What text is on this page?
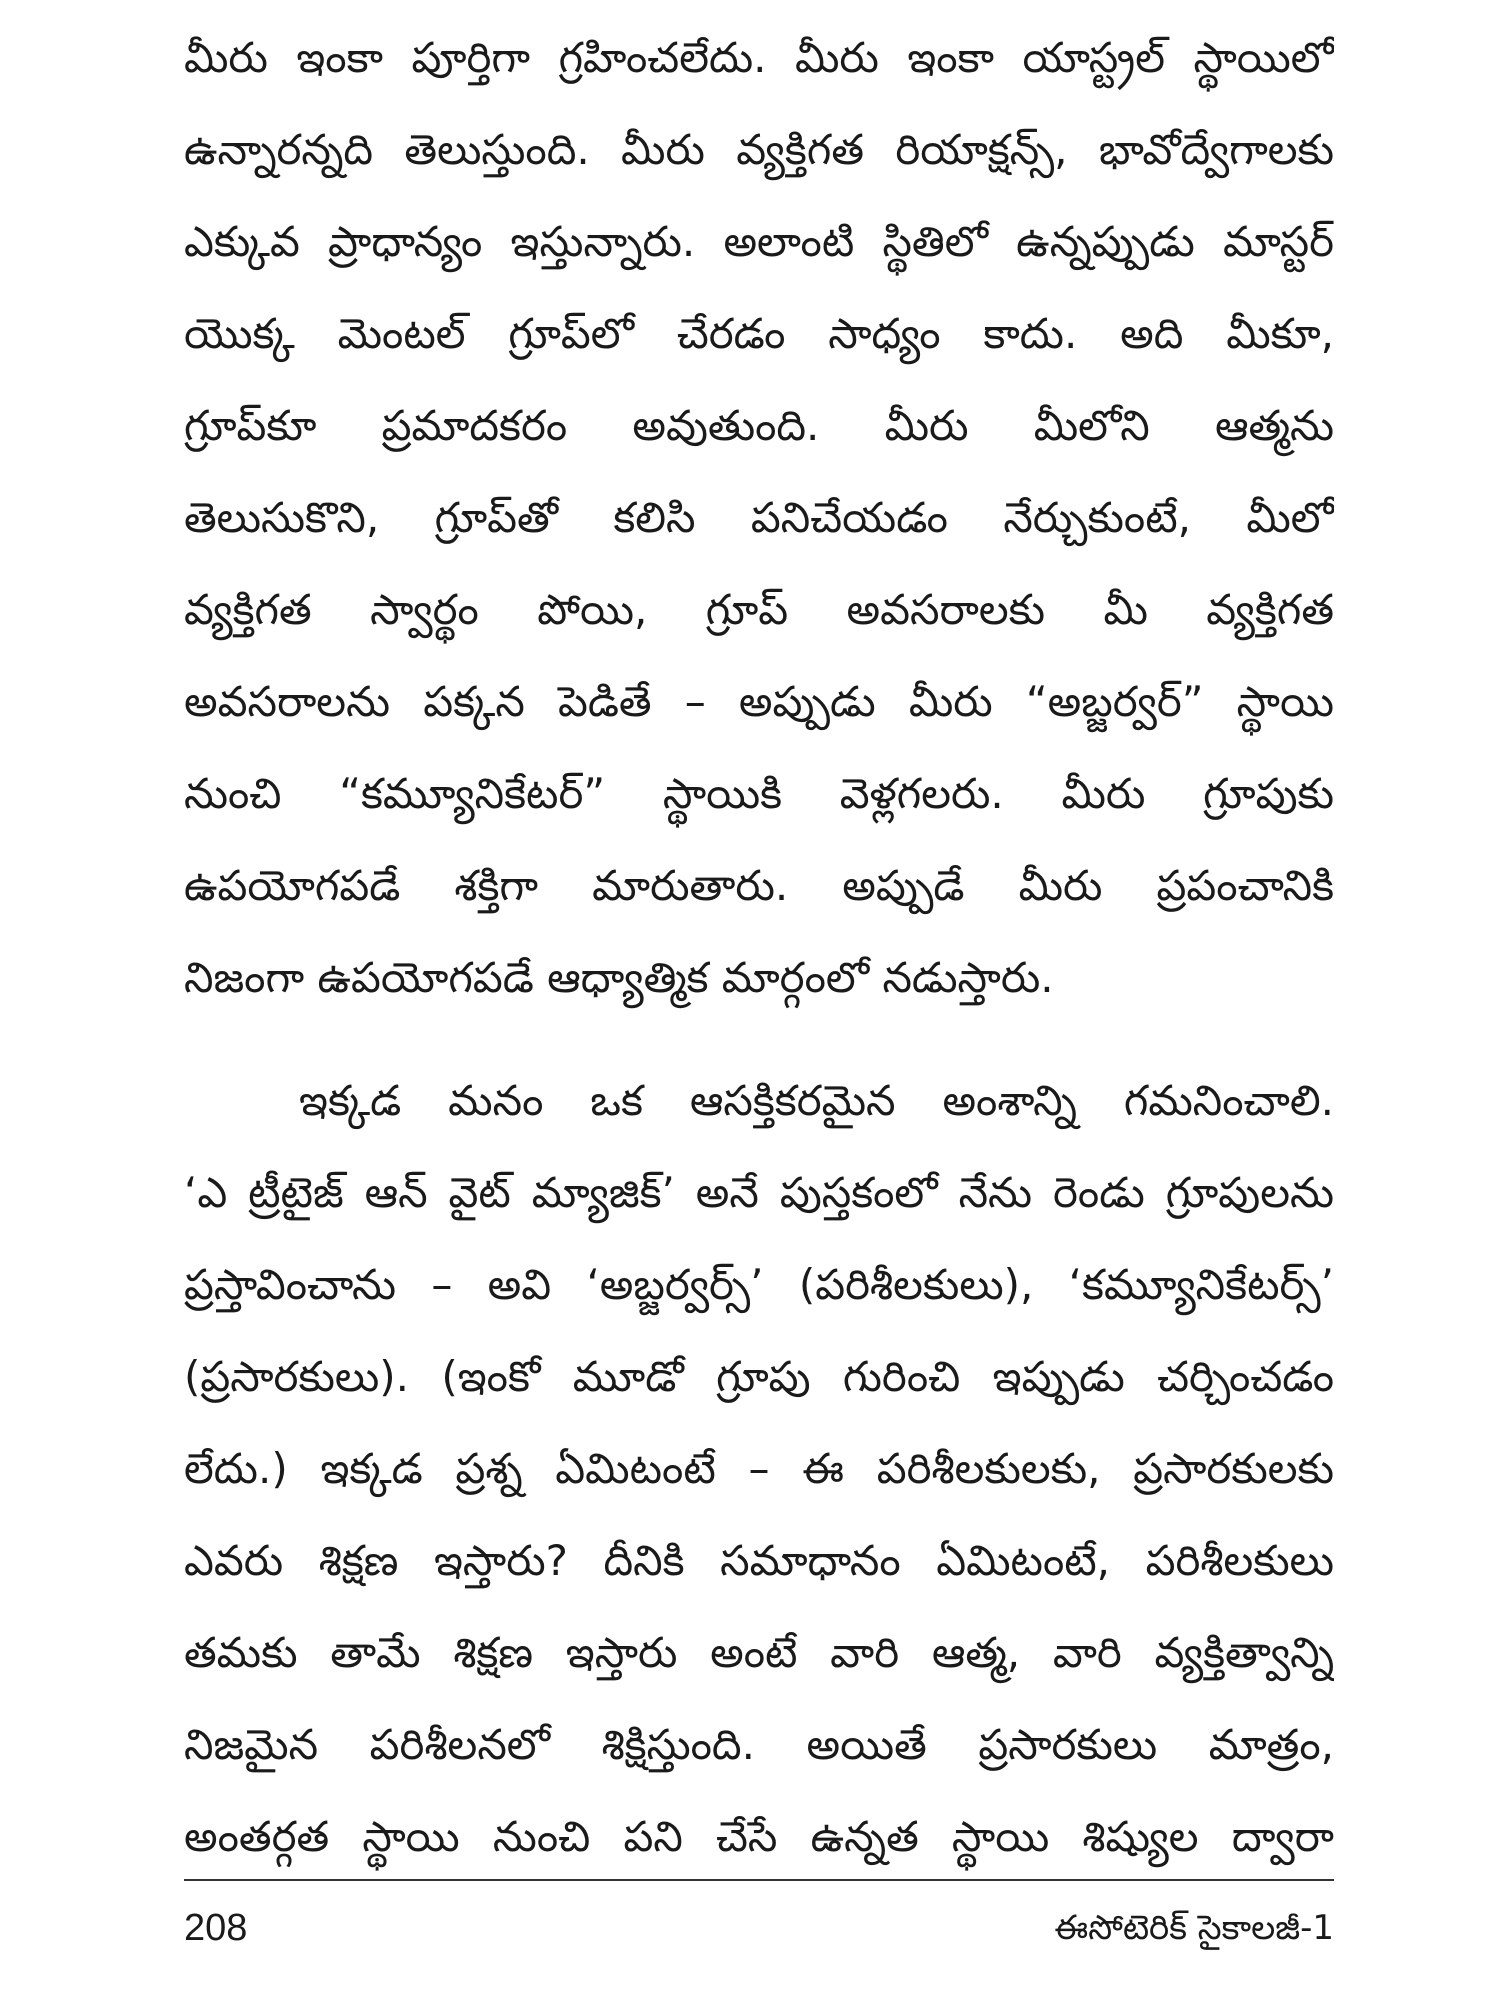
మీరు ఇంకా పూర్తిగా గ్రహించలేదు. మీరు ఇంకా యాస్ట్రల్ స్థాయిలో
ఉన్నారన్నది తెలుస్తుంది. మీరు వ్యక్తిగత రియాక్షన్స్, భావోద్వేగాలకు
ఎక్కువ ప్రాధాన్యం ఇస్తున్నారు. అలాంటి స్థితిలో ఉన్నప్పుడు మాస్టర్
యొక్క మెంటల్ గ్రూప్‌లో చేరడం సాధ్యం కాదు. అది మీకూ,
గ్రూప్‌కూ ప్రమాదకరం అవుతుంది. మీరు మీలోని ఆత్మను
తెలుసుకొని, గ్రూప్‌తో కలిసి పనిచేయడం నేర్చుకుంటే, మీలో
వ్యక్తిగత స్వార్థం పోయి, గ్రూప్ అవసరాలకు మీ వ్యక్తిగత
అవసరాలను పక్కన పెడితే – అప్పుడు మీరు “అబ్జర్వర్” స్థాయి
నుంచి “కమ్యూనికేటర్” స్థాయికి వెళ్లగలరు. మీరు గ్రూపుకు
ఉపయోగపడే శక్తిగా మారుతారు. అప్పుడే మీరు ప్రపంచానికి
నిజంగా ఉపయోగపడే ఆధ్యాత్మిక మార్గంలో నడుస్తారు.
ఇక్కడ మనం ఒక ఆసక్తికరమైన అంశాన్ని గమనించాలి.
‘ఎ ట్రీటైజ్ ఆన్ వైట్ మ్యాజిక్’ అనే పుస్తకంలో నేను రెండు గ్రూపులను
ప్రస్తావించాను – అవి ‘అబ్జర్వర్స్’ (పరిశీలకులు), ‘కమ్యూనికేటర్స్’
(ప్రసారకులు). (ఇంకో మూడో గ్రూపు గురించి ఇప్పుడు చర్చించడం
లేదు.) ఇక్కడ ప్రశ్న ఏమిటంటే – ఈ పరిశీలకులకు, ప్రసారకులకు
ఎవరు శిక్షణ ఇస్తారు? దీనికి సమాధానం ఏమిటంటే, పరిశీలకులు
తమకు తామే శిక్షణ ఇస్తారు అంటే వారి ఆత్మ, వారి వ్యక్తిత్వాన్ని
నిజమైన పరిశీలనలో శిక్షిస్తుంది. అయితే ప్రసారకులు మాత్రం,
అంతర్గత స్థాయి నుంచి పని చేసే ఉన్నత స్థాయి శిష్యుల ద్వారా
208	ఈసోటెరిక్ సైకాలజీ-1
